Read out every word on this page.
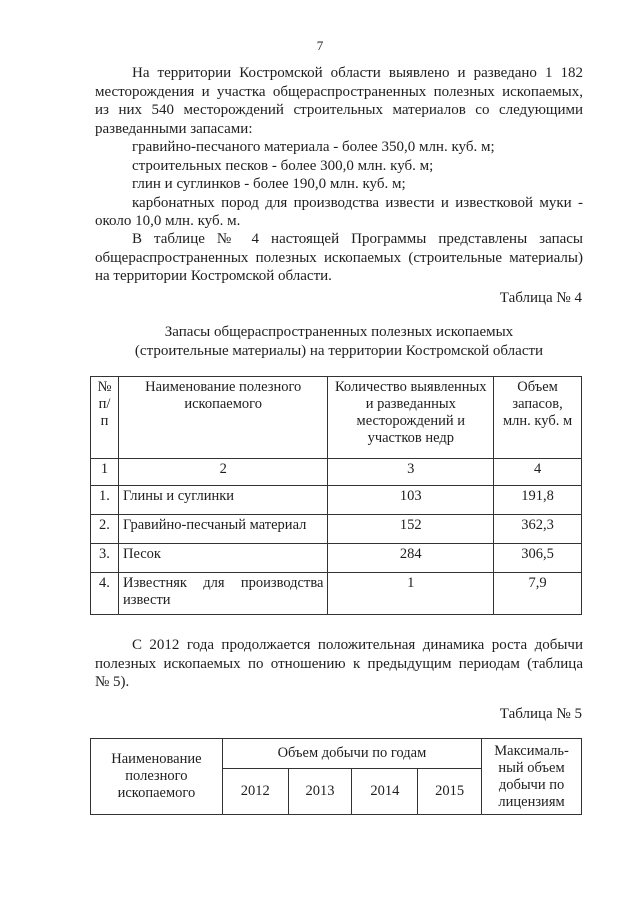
7

На территории Костромской области выявлено и разведано 1 182
месторождения и участка общераспространенных полезных ископаемых,
из них 540 месторождений строительных материалов со следующими
разведанными запасами:
гравийно-песчаного материала - более 350,0 млн. куб. м;
строительных песков - более 300,0 млн. куб. м;
глин и суглинков - более 190,0 млн. куб. м;
карбонатных пород для производства извести и известковой муки -
около 10,0 млн. куб. м.

В таблице № 4 настоящей Программы представлены запасы
общераспространенных полезных ископаемых (строительные материалы)
на территории Костромской области.

Таблица № 4
Запасы общераспространенных полезных ископаемых
(строительные материалы) на территории Костромской области
№ п/п	Наименование полезного ископаемого	Количество выявленных и разведанных месторождений и участков недр	Объем запасов, млн. куб. м
1	2	3	4
1.	Глины и суглинки	103	191,8
2.	Гравийно-песчаный материал	152	362,3
3.	Песок	284	306,5
4.	Известняк для производства извести	1	7,9

С 2012 года продолжается положительная динамика роста добычи
полезных ископаемых по отношению к предыдущим периодам (таблица
№ 5).

Таблица № 5
Наименование полезного ископаемого	Объем добычи по годам				Максималь-ный объем добычи по лицензиям
	2012	2013	2014	2015	
